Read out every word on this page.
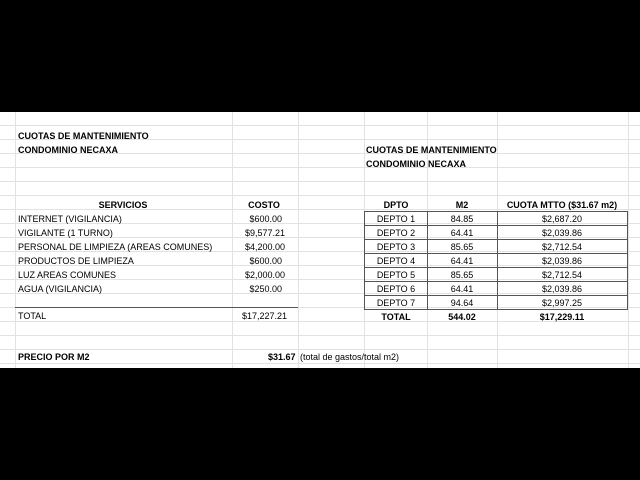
CUOTAS DE MANTENIMIENTO
CONDOMINIO NECAXA
SERVICIOS	COSTO
INTERNET (VIGILANCIA)	$600.00
VIGILANTE (1 TURNO)	$9,577.21
PERSONAL DE LIMPIEZA (AREAS COMUNES)	$4,200.00
PRODUCTOS DE LIMPIEZA	$600.00
LUZ AREAS COMUNES	$2,000.00
AGUA (VIGILANCIA)	$250.00
TOTAL	$17,227.21
PRECIO POR M2	$31.67 (total de gastos/total m2)
CUOTAS DE MANTENIMIENTO
CONDOMINIO NECAXA
DPTO	M2	CUOTA MTTO ($31.67 m2)
DEPTO 1	84.85	$2,687.20
DEPTO 2	64.41	$2,039.86
DEPTO 3	85.65	$2,712.54
DEPTO 4	64.41	$2,039.86
DEPTO 5	85.65	$2,712.54
DEPTO 6	64.41	$2,039.86
DEPTO 7	94.64	$2,997.25
TOTAL	544.02	$17,229.11
